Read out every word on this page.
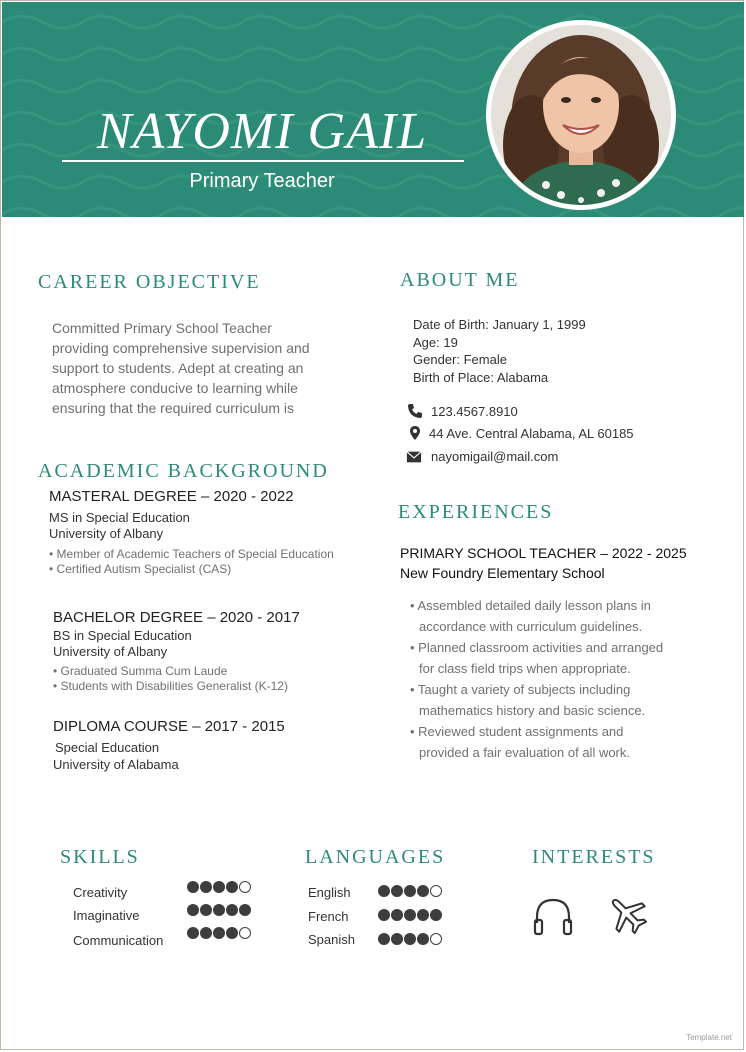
NAYOMI GAIL
Primary Teacher
CAREER OBJECTIVE
Committed Primary School Teacher
providing comprehensive supervision and
support to students. Adept at creating an
atmosphere conducive to learning while
ensuring that the required curriculum is
ACADEMIC BACKGROUND
MASTERAL DEGREE – 2020 - 2022
MS in Special Education
University of Albany
• Member of Academic Teachers of Special Education
• Certified Autism Specialist (CAS)
BACHELOR DEGREE – 2020 - 2017
BS in Special Education
University of Albany
• Graduated Summa Cum Laude
• Students with Disabilities Generalist (K-12)
DIPLOMA COURSE – 2017 - 2015
Special Education
University of Alabama
ABOUT ME
Date of Birth: January 1, 1999
Age: 19
Gender: Female
Birth of Place: Alabama
123.4567.8910
44 Ave. Central Alabama, AL 60185
nayomigail@mail.com
EXPERIENCES
PRIMARY SCHOOL TEACHER – 2022 - 2025
New Foundry Elementary School
• Assembled detailed daily lesson plans in
accordance with curriculum guidelines.
• Planned classroom activities and arranged
for class field trips when appropriate.
• Taught a variety of subjects including
mathematics history and basic science.
• Reviewed student assignments and
provided a fair evaluation of all work.
SKILLS
Creativity
Imaginative
Communication
LANGUAGES
English
French
Spanish
INTERESTS
Template.net
